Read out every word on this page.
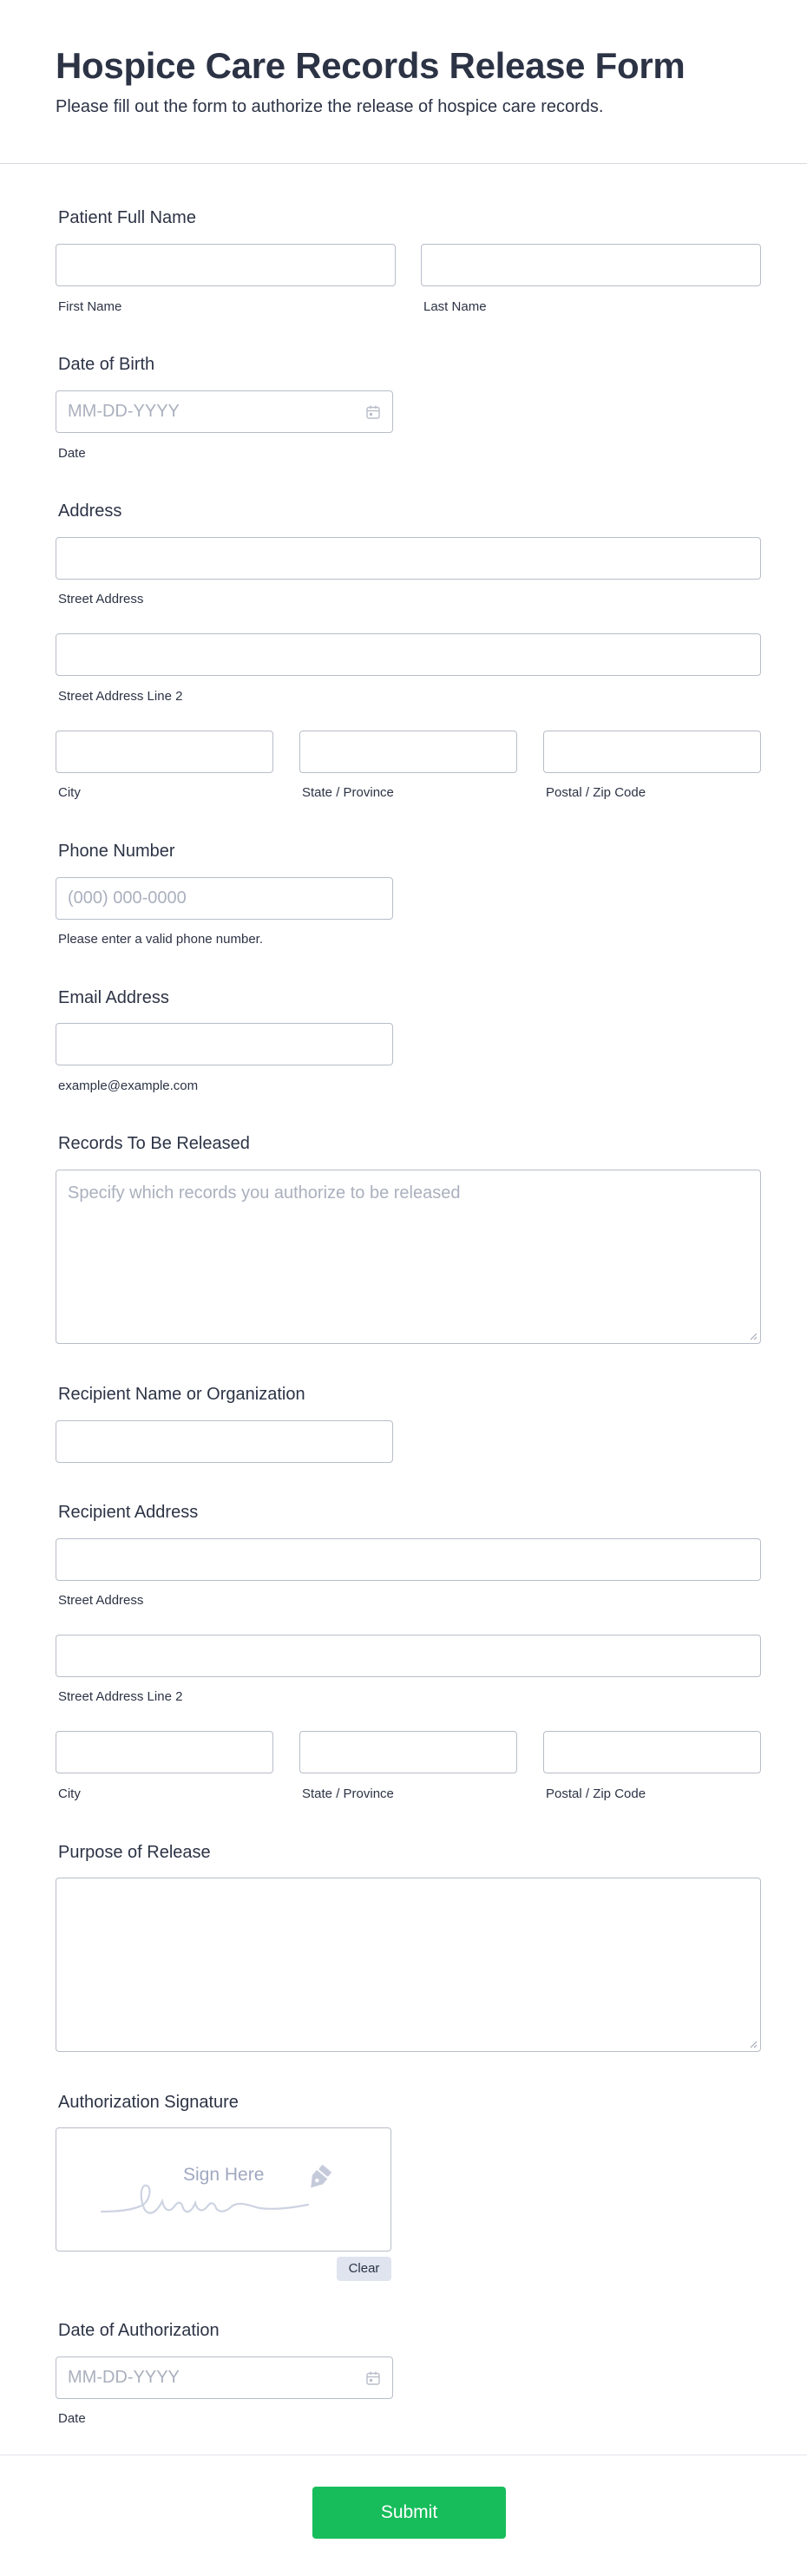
Hospice Care Records Release Form

Please fill out the form to authorize the release of hospice care records.

Patient Full Name
First Name	Last Name
Date of Birth
MM-DD-YYYY
Date
Address
Street Address
Street Address Line 2
City	State / Province	Postal / Zip Code
Phone Number
(000) 000-0000
Please enter a valid phone number.
Email Address
example@example.com
Records To Be Released
Specify which records you authorize to be released
Recipient Name or Organization
Recipient Address
Street Address
Street Address Line 2
City	State / Province	Postal / Zip Code
Purpose of Release
Authorization Signature
Sign Here
Clear
Date of Authorization
MM-DD-YYYY
Date
Submit
